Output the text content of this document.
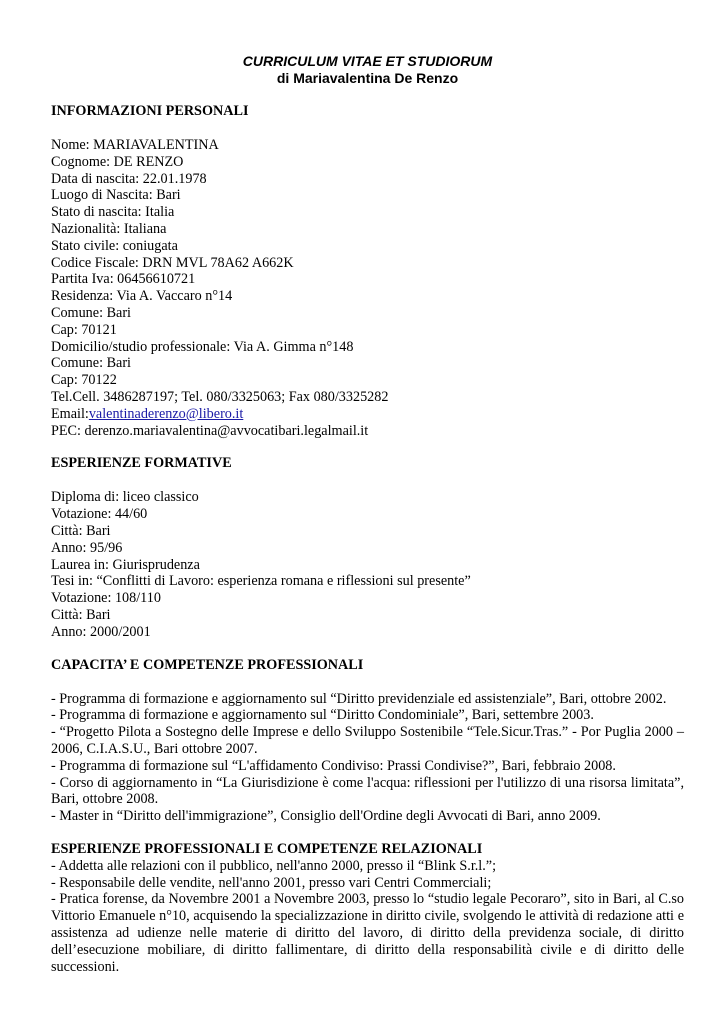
CURRICULUM VITAE ET STUDIORUM
di Mariavalentina De Renzo
INFORMAZIONI PERSONALI
Nome: MARIAVALENTINA
Cognome: DE RENZO
Data di nascita: 22.01.1978
Luogo di Nascita: Bari
Stato di nascita: Italia
Nazionalità: Italiana
Stato civile: coniugata
Codice Fiscale: DRN MVL 78A62 A662K
Partita Iva: 06456610721
Residenza: Via A. Vaccaro n°14
Comune: Bari
Cap: 70121
Domicilio/studio professionale: Via A. Gimma n°148
Comune: Bari
Cap: 70122
Tel.Cell. 3486287197; Tel. 080/3325063; Fax 080/3325282
Email:valentinaderenzo@libero.it
PEC: derenzo.mariavalentina@avvocatibari.legalmail.it
ESPERIENZE FORMATIVE
Diploma di: liceo classico
Votazione: 44/60
Città: Bari
Anno: 95/96
Laurea in: Giurisprudenza
Tesi in: “Conflitti di Lavoro: esperienza romana e riflessioni sul presente”
Votazione: 108/110
Città: Bari
Anno: 2000/2001
CAPACITA’ E COMPETENZE PROFESSIONALI
- Programma di formazione e aggiornamento sul “Diritto previdenziale ed assistenziale”, Bari, ottobre 2002.
- Programma di formazione e aggiornamento sul “Diritto Condominiale”, Bari, settembre 2003.
- “Progetto Pilota a Sostegno delle Imprese e dello Sviluppo Sostenibile “Tele.Sicur.Tras.” - Por Puglia 2000 – 2006, C.I.A.S.U., Bari ottobre 2007.
- Programma di formazione sul “L'affidamento Condiviso: Prassi Condivise?”, Bari, febbraio 2008.
- Corso di aggiornamento in “La Giurisdizione è come l'acqua: riflessioni per l'utilizzo di una risorsa limitata”, Bari, ottobre 2008.
- Master in “Diritto dell'immigrazione”, Consiglio dell'Ordine degli Avvocati di Bari, anno 2009.
ESPERIENZE PROFESSIONALI E COMPETENZE RELAZIONALI
- Addetta alle relazioni con il pubblico, nell'anno 2000, presso il “Blink S.r.l.”;
- Responsabile delle vendite, nell'anno 2001, presso vari Centri Commerciali;
- Pratica forense, da Novembre 2001 a Novembre 2003, presso lo “studio legale Pecoraro”, sito in Bari, al C.so Vittorio Emanuele n°10, acquisendo la specializzazione in diritto civile, svolgendo le attività di redazione atti e assistenza ad udienze nelle materie di diritto del lavoro, di diritto della previdenza sociale, di diritto dell’esecuzione mobiliare, di diritto fallimentare, di diritto della responsabilità civile e di diritto delle successioni.
